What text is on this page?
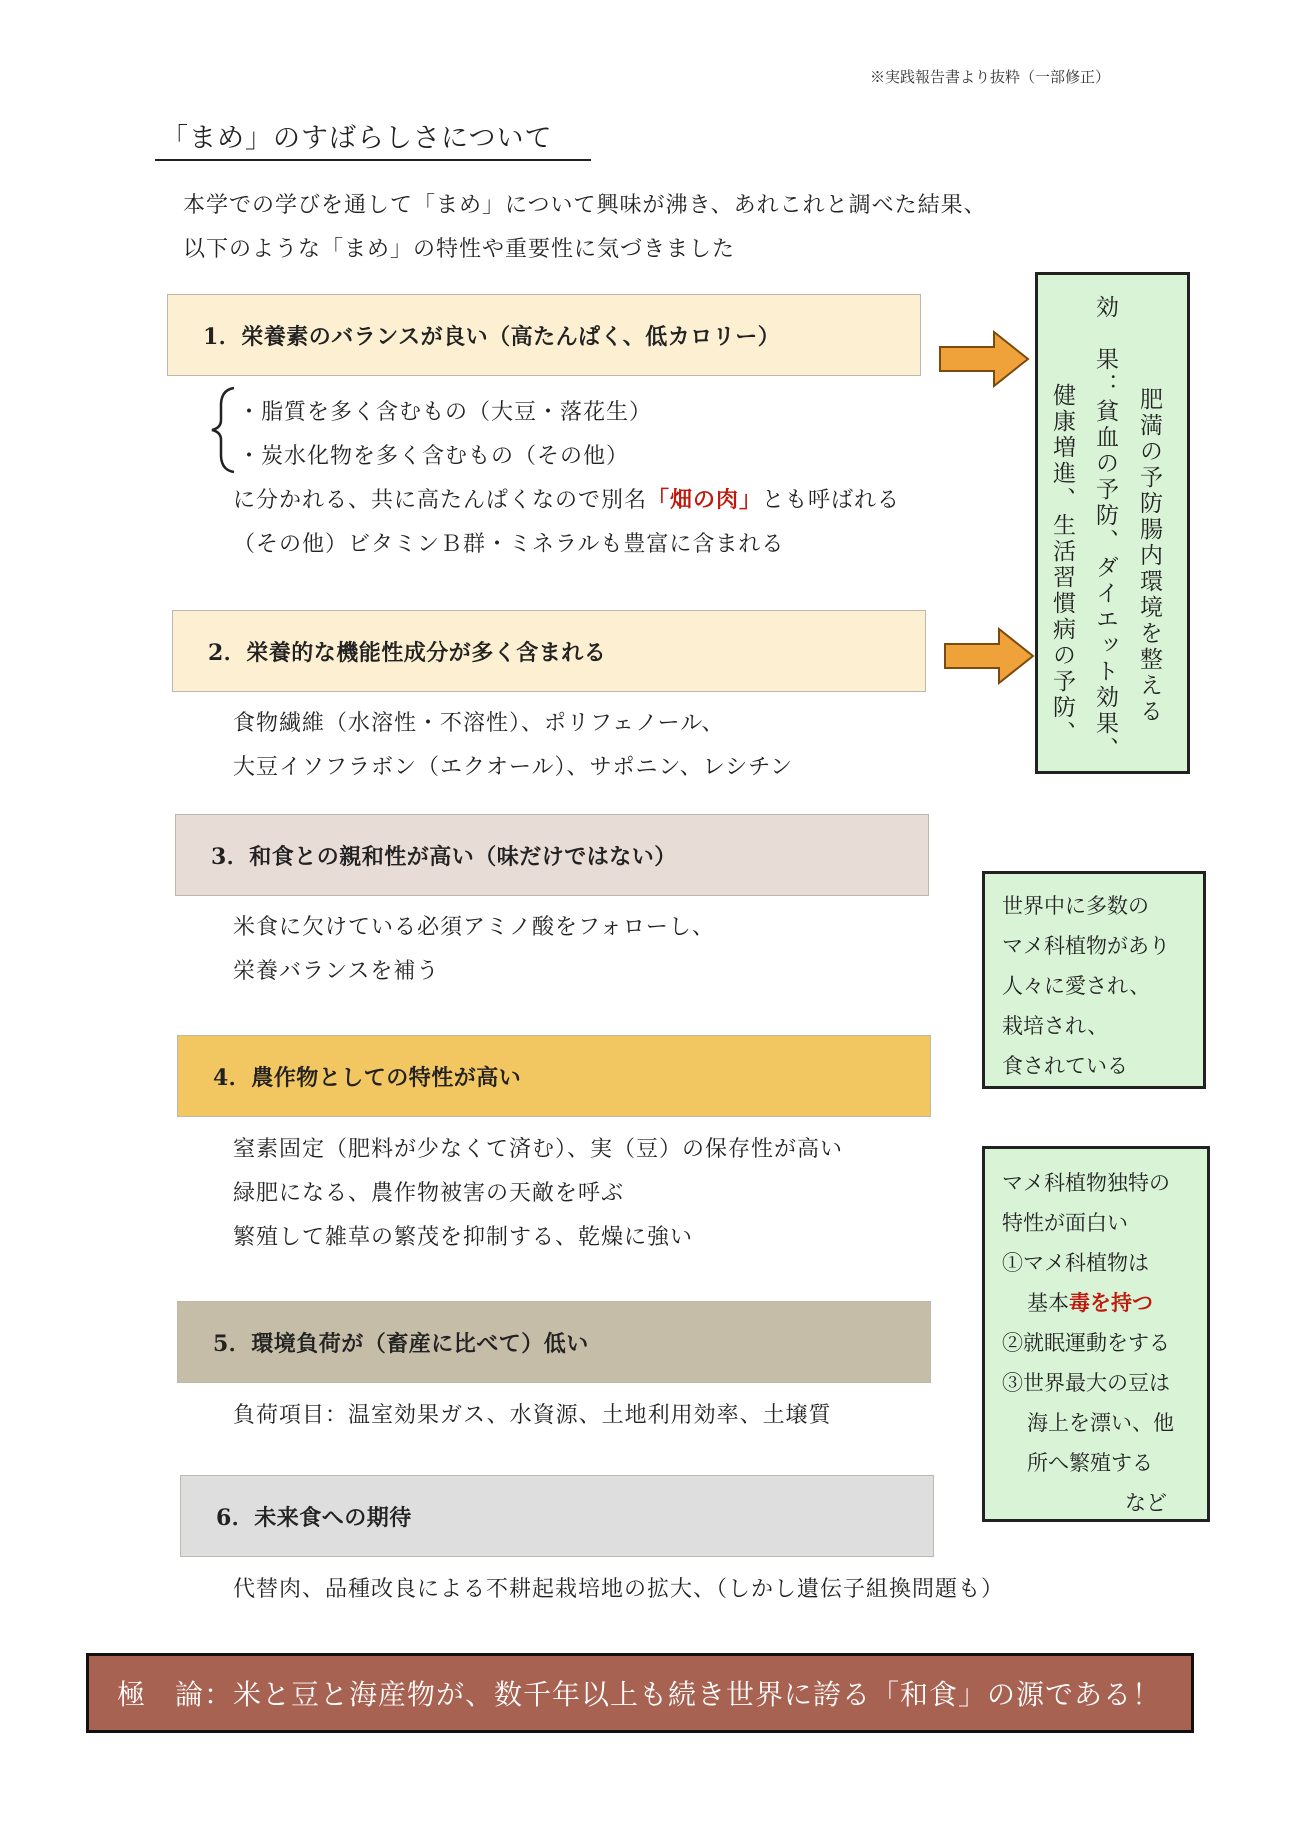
※実践報告書より抜粋（一部修正）
「まめ」のすばらしさについて
本学での学びを通して「まめ」について興味が沸き、あれこれと調べた結果、
以下のような「まめ」の特性や重要性に気づきました
1．栄養素のバランスが良い（高たんぱく、低カロリー）
・脂質を多く含むもの（大豆・落花生）
・炭水化物を多く含むもの（その他）
に分かれる、共に高たんぱくなので別名「畑の肉」とも呼ばれる
（その他）ビタミンＢ群・ミネラルも豊富に含まれる
2．栄養的な機能性成分が多く含まれる
食物繊維（水溶性・不溶性）、ポリフェノール、
大豆イソフラボン（エクオール）、サポニン、レシチン
肥満の予防腸内環境を整える
効　果：貧血の予防、ダイエット効果、
健康増進、生活習慣病の予防、
3．和食との親和性が高い（味だけではない）
米食に欠けている必須アミノ酸をフォローし、
栄養バランスを補う
世界中に多数の
マメ科植物があり
人々に愛され、
栽培され、
食されている
4．農作物としての特性が高い
窒素固定（肥料が少なくて済む）、実（豆）の保存性が高い
緑肥になる、農作物被害の天敵を呼ぶ
繁殖して雑草の繁茂を抑制する、乾燥に強い
マメ科植物独特の
特性が面白い
①マメ科植物は
基本毒を持つ
②就眠運動をする
③世界最大の豆は
海上を漂い、他
所へ繁殖する
など
5．環境負荷が（畜産に比べて）低い
負荷項目：温室効果ガス、水資源、土地利用効率、土壌質
6．未来食への期待
代替肉、品種改良による不耕起栽培地の拡大、（しかし遺伝子組換問題も）
極　論：米と豆と海産物が、数千年以上も続き世界に誇る「和食」の源である！
